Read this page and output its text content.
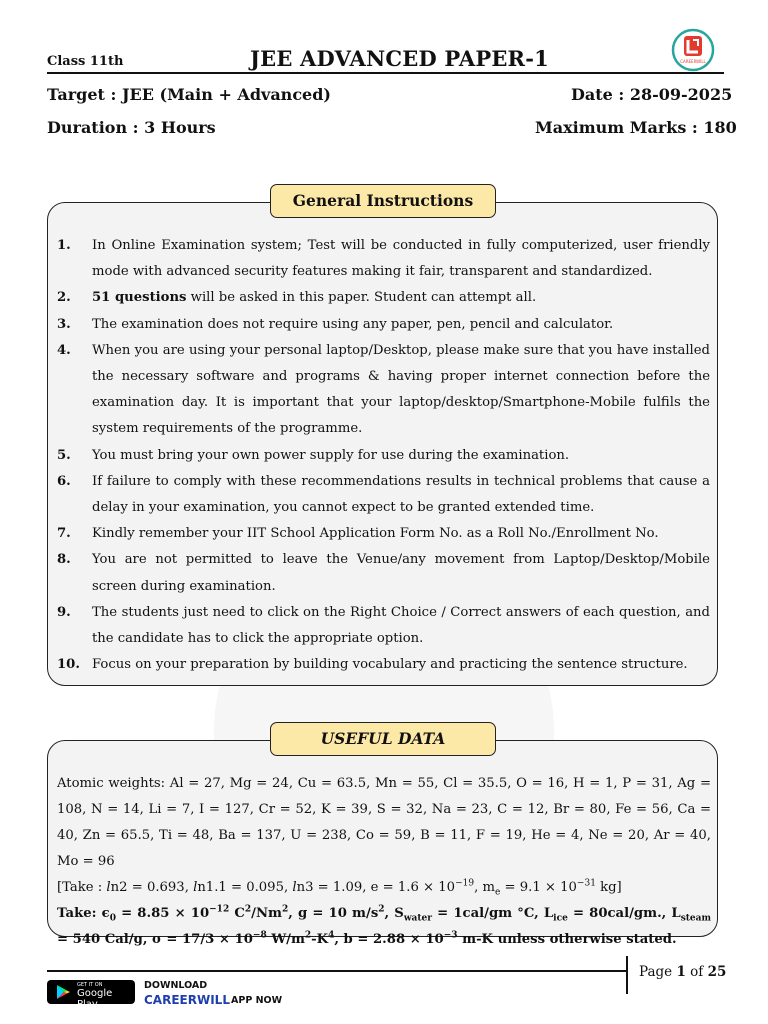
Class 11th	JEE ADVANCED PAPER-1	CAREERWILL
Target : JEE (Main + Advanced)	Date : 28-09-2025
Duration : 3 Hours	Maximum Marks : 180
General Instructions
1.	In Online Examination system; Test will be conducted in fully computerized, user friendly mode with advanced security features making it fair, transparent and standardized.
2.	51 questions will be asked in this paper. Student can attempt all.
3.	The examination does not require using any paper, pen, pencil and calculator.
4.	When you are using your personal laptop/Desktop, please make sure that you have installed the necessary software and programs & having proper internet connection before the examination day. It is important that your laptop/desktop/Smartphone-Mobile fulfils the system requirements of the programme.
5.	You must bring your own power supply for use during the examination.
6.	If failure to comply with these recommendations results in technical problems that cause a delay in your examination, you cannot expect to be granted extended time.
7.	Kindly remember your IIT School Application Form No. as a Roll No./Enrollment No.
8.	You are not permitted to leave the Venue/any movement from Laptop/Desktop/Mobile screen during examination.
9.	The students just need to click on the Right Choice / Correct answers of each question, and the candidate has to click the appropriate option.
10. Focus on your preparation by building vocabulary and practicing the sentence structure.
USEFUL DATA

Atomic weights: Al = 27, Mg = 24, Cu = 63.5, Mn = 55, Cl = 35.5, O = 16, H = 1, P = 31, Ag = 108, N = 14, Li = 7, I = 127, Cr = 52, K = 39, S = 32, Na = 23, C = 12, Br = 80, Fe = 56, Ca = 40, Zn = 65.5, Ti = 48, Ba = 137, U = 238, Co = 59, B = 11, F = 19, He = 4, Ne = 20, Ar = 40, Mo = 96

[Take : ln2 = 0.693, ln1.1 = 0.095, ln3 = 1.09, $e = 1.6 \times 10^{-19}$, $m_e = 9.1 \times 10^{-31}$ kg]

Take: $\epsilon_0 = 8.85 \times 10^{-12}$ $C^2/Nm^2$, g = 10 $m/s^2$, $S_{water} = 1cal/gm$ °C, $L_{ice} = 80cal/gm$., $L_{steam} = 540$ Cal/g, $\sigma = 17/3 \times 10^{-8}$ $W/m^2-K^4$, $b = 2.88 \times 10^{-3}$ m-K unless otherwise stated.

GET IT ON
Google Play
DOWNLOAD
CAREERWILL APP NOW
Page 1 of 25
